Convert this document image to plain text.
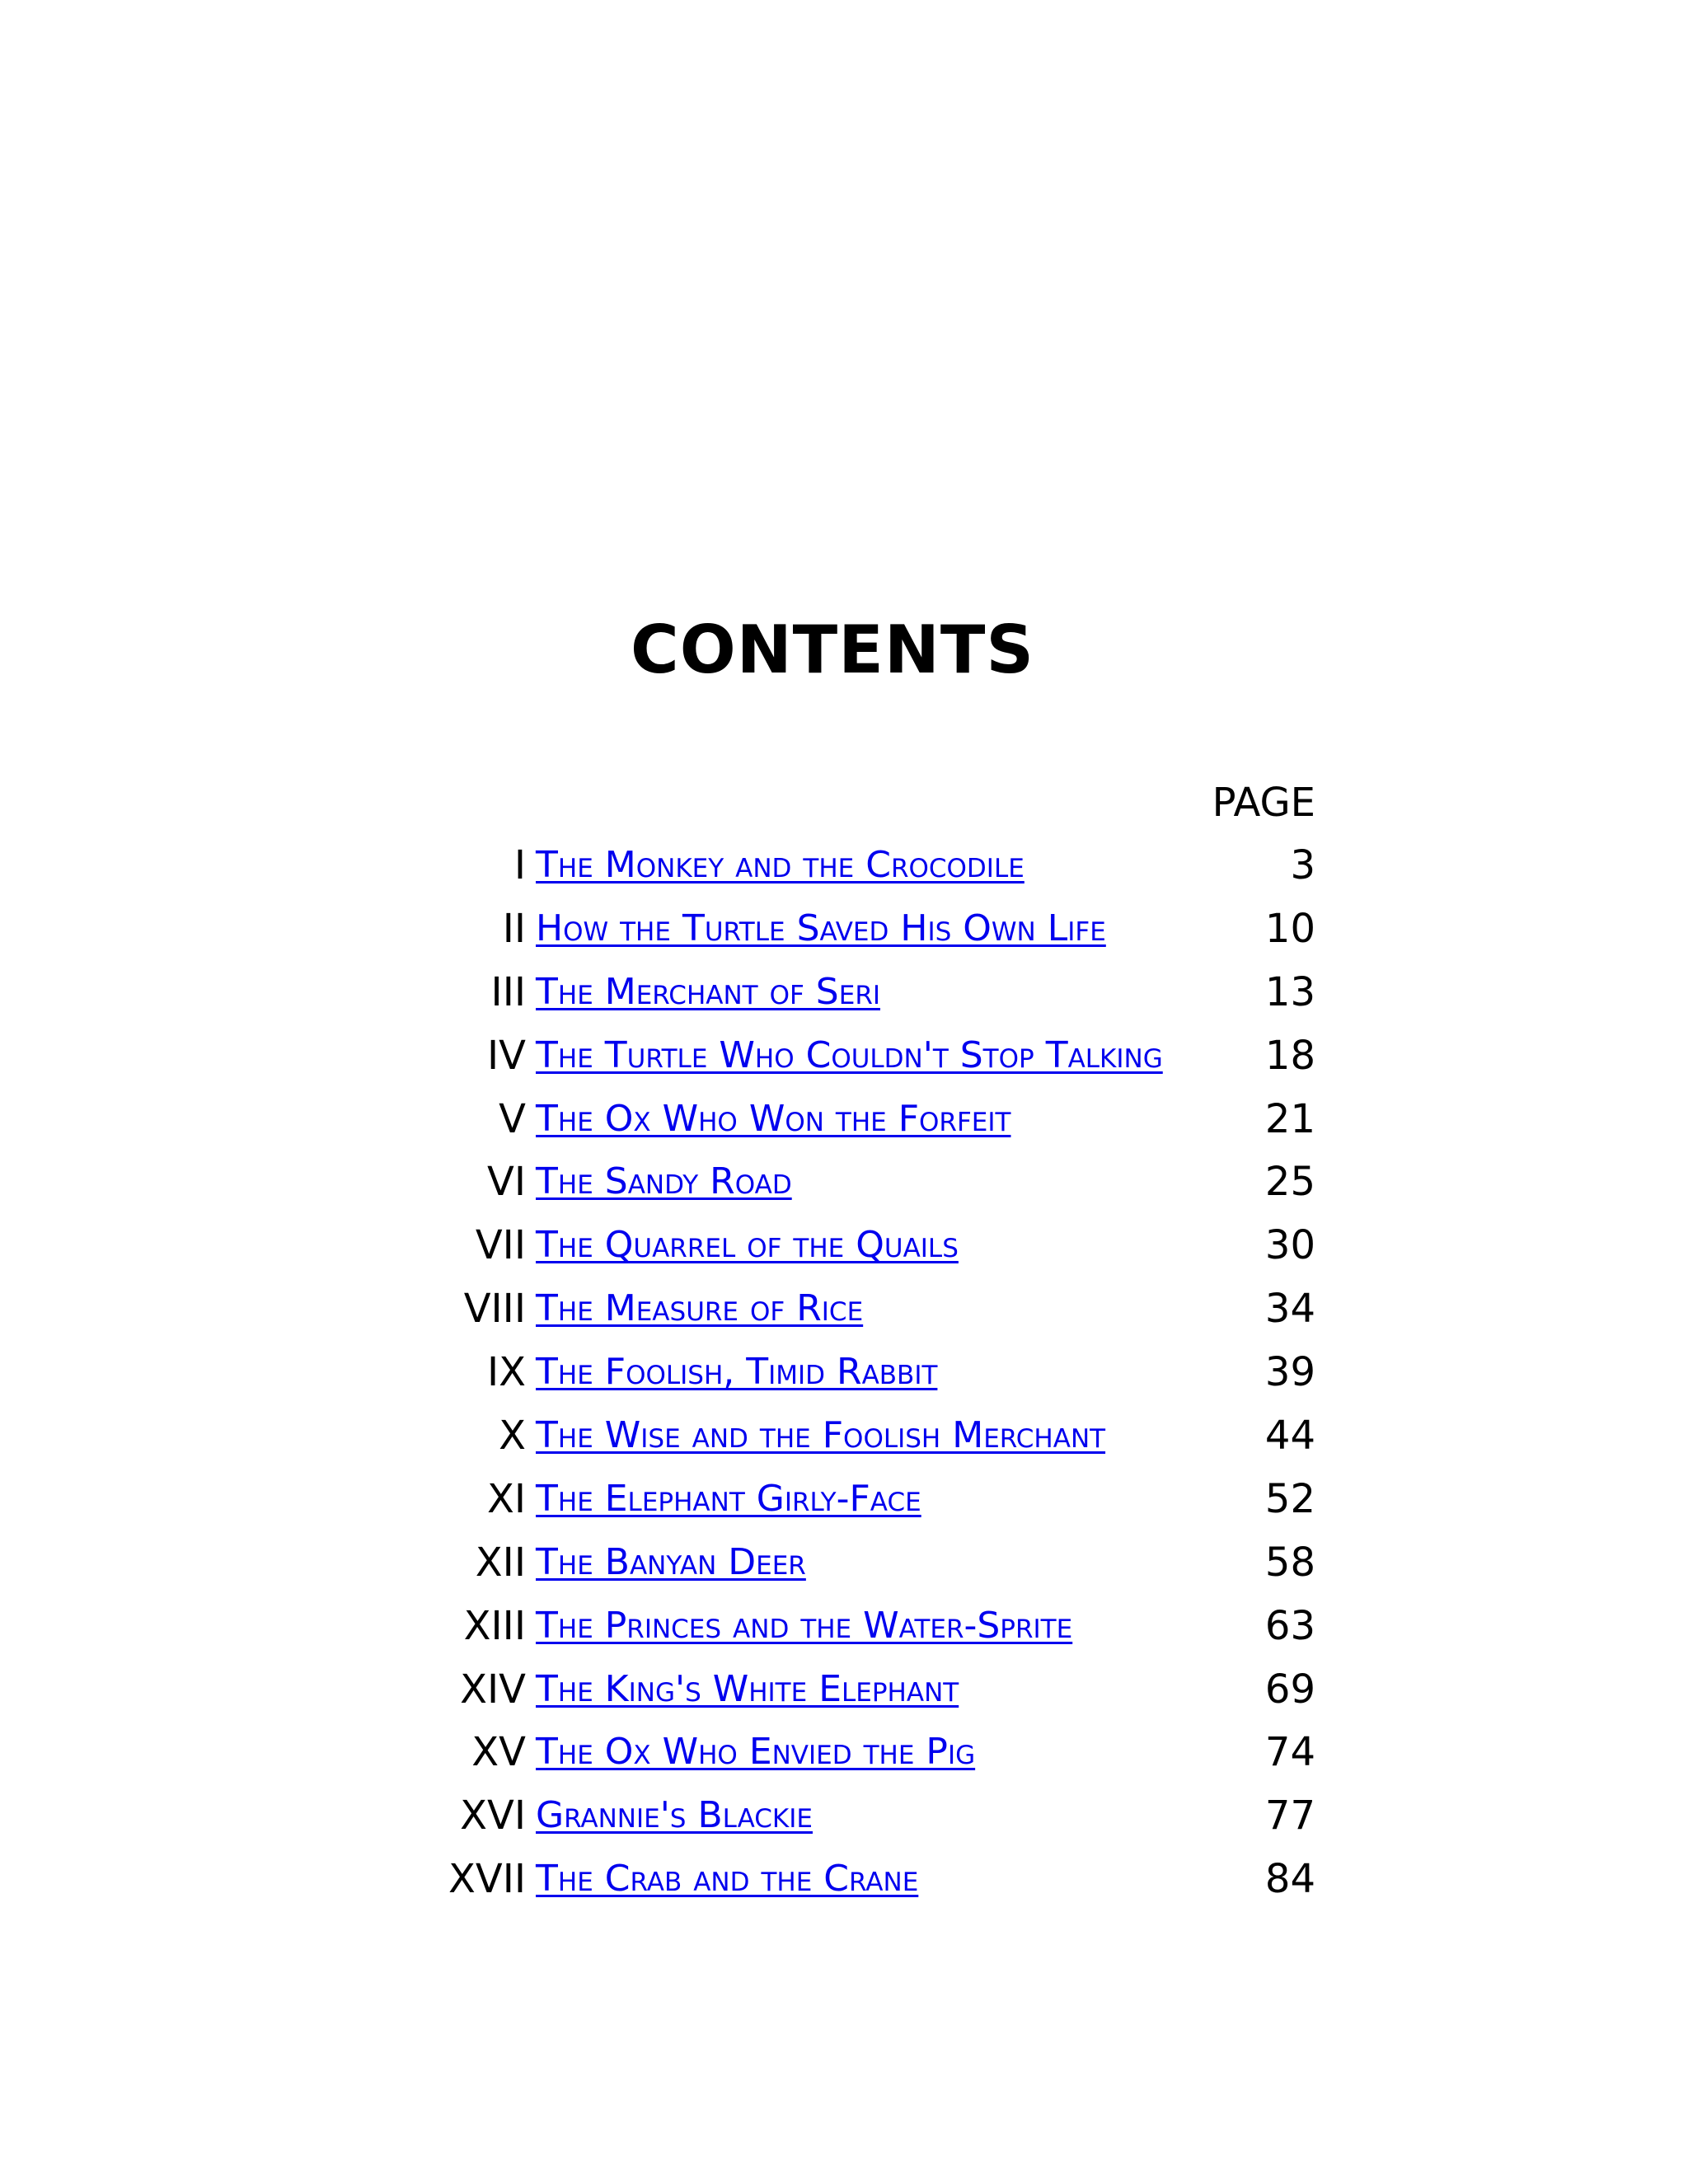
CONTENTS
PAGE
I The Monkey and the Crocodile	3
II How the Turtle Saved His Own Life	10
III The Merchant of Seri	13
IV The Turtle Who Couldn't Stop Talking	18
V The Ox Who Won the Forfeit	21
VI The Sandy Road	25
VII The Quarrel of the Quails	30
VIII The Measure of Rice	34
IX The Foolish, Timid Rabbit	39
X The Wise and the Foolish Merchant	44
XI The Elephant Girly-Face	52
XII The Banyan Deer	58
XIII The Princes and the Water-Sprite	63
XIV The King's White Elephant	69
XV The Ox Who Envied the Pig	74
XVI Grannie's Blackie	77
XVII The Crab and the Crane	84
